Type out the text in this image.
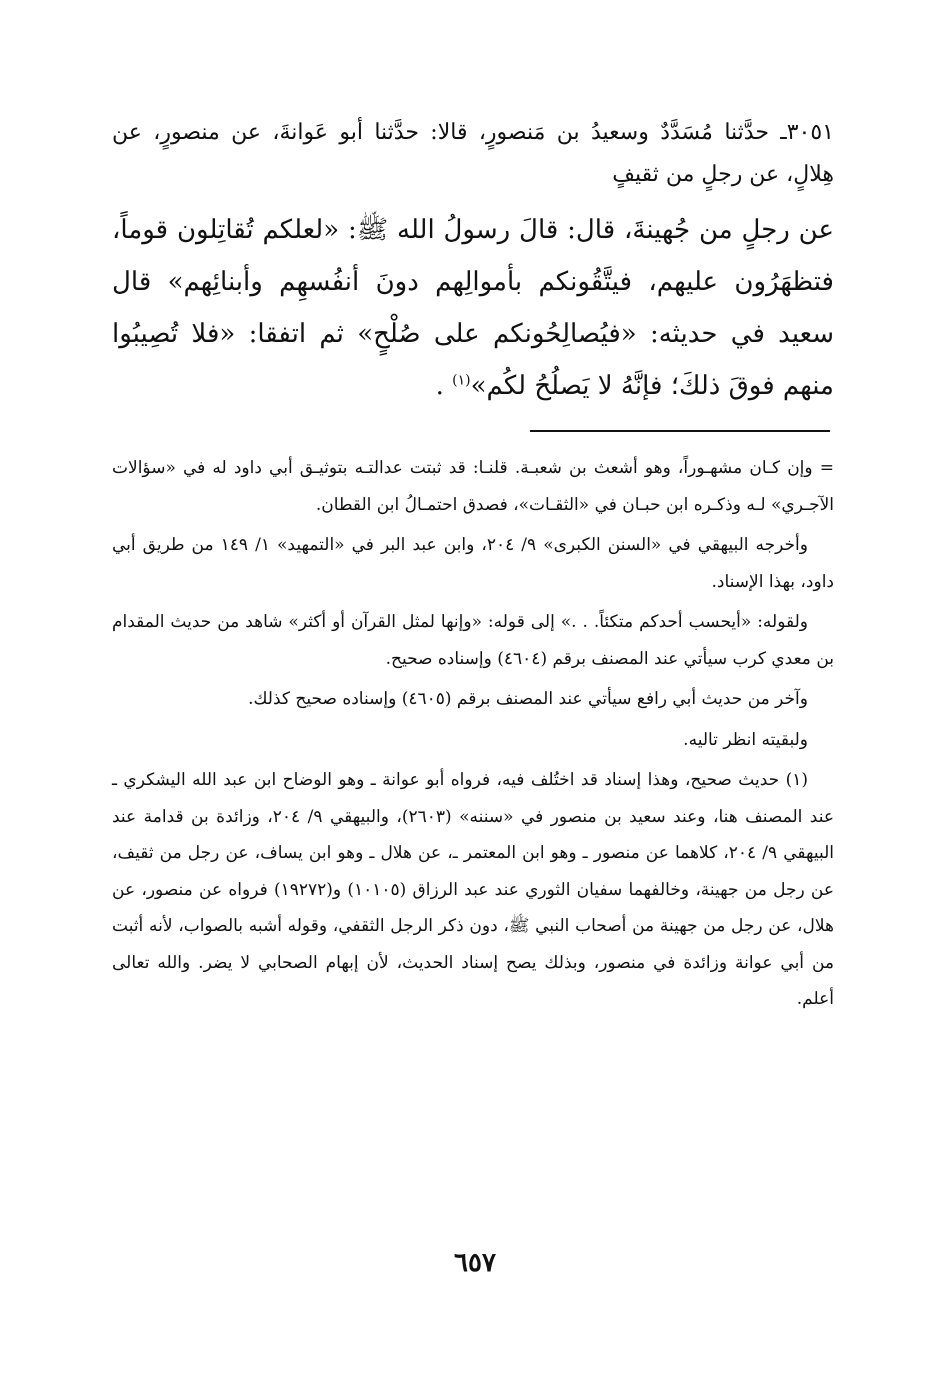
٣٠٥١ـ حدَّثنا مُسَدَّدٌ وسعيدُ بن مَنصورٍ، قالا: حدَّثنا أبو عَوانةَ، عن منصورٍ، عن هِلالٍ، عن رجلٍ من ثقيفٍ

عن رجلٍ من جُهينةَ، قال: قالَ رسولُ الله ﷺ: «لعلكم تُقاتِلون قوماً، فتظهَرُون عليهم، فيتَّقُونكم بأموالِهم دونَ أنفُسهِم وأبنائِهم» قال سعيد في حديثه: «فيُصالِحُونكم على صُلْحٍ» ثم اتفقا: «فلا تُصِيبُوا منهم فوقَ ذلكَ؛ فإنَّهُ لا يَصلُحُ لكُم»$^{(١)}$ .

= وإن كـان مشهـوراً، وهو أشعث بن شعبـة. قلنـا: قد ثبتت عدالتـه بتوثيـق أبي داود له في «سؤالات الآجـري» لـه وذكـره ابن حبـان في «الثقـات»، فصدق احتمـالُ ابن القطان.

وأخرجه البيهقي في «السنن الكبرى» ٩/ ٢٠٤، وابن عبد البر في «التمهيد» ١/ ١٤٩ من طريق أبي داود، بهذا الإسناد.

ولقوله: «أيحسب أحدكم متكئاً. . .» إلى قوله: «وإنها لمثل القرآن أو أكثر» شاهد من حديث المقدام بن معدي كرب سيأتي عند المصنف برقم (٤٦٠٤) وإسناده صحيح.

وآخر من حديث أبي رافع سيأتي عند المصنف برقم (٤٦٠٥) وإسناده صحيح كذلك.

ولبقيته انظر تاليه.

(١) حديث صحيح، وهذا إسناد قد اختُلف فيه، فرواه أبو عوانة ـ وهو الوضاح ابن عبد الله اليشكري ـ عند المصنف هنا، وعند سعيد بن منصور في «سننه» (٢٦٠٣)، والبيهقي ٩/ ٢٠٤، وزائدة بن قدامة عند البيهقي ٩/ ٢٠٤، كلاهما عن منصور ـ وهو ابن المعتمر ـ، عن هلال ـ وهو ابن يساف، عن رجل من ثقيف، عن رجل من جهينة، وخالفهما سفيان الثوري عند عبد الرزاق (١٠١٠٥) و(١٩٢٧٢) فرواه عن منصور، عن هلال، عن رجل من جهينة من أصحاب النبي ﷺ، دون ذكر الرجل الثقفي، وقوله أشبه بالصواب، لأنه أثبت من أبي عوانة وزائدة في منصور، وبذلك يصح إسناد الحديث، لأن إبهام الصحابي لا يضر. والله تعالى أعلم.

٦٥٧
